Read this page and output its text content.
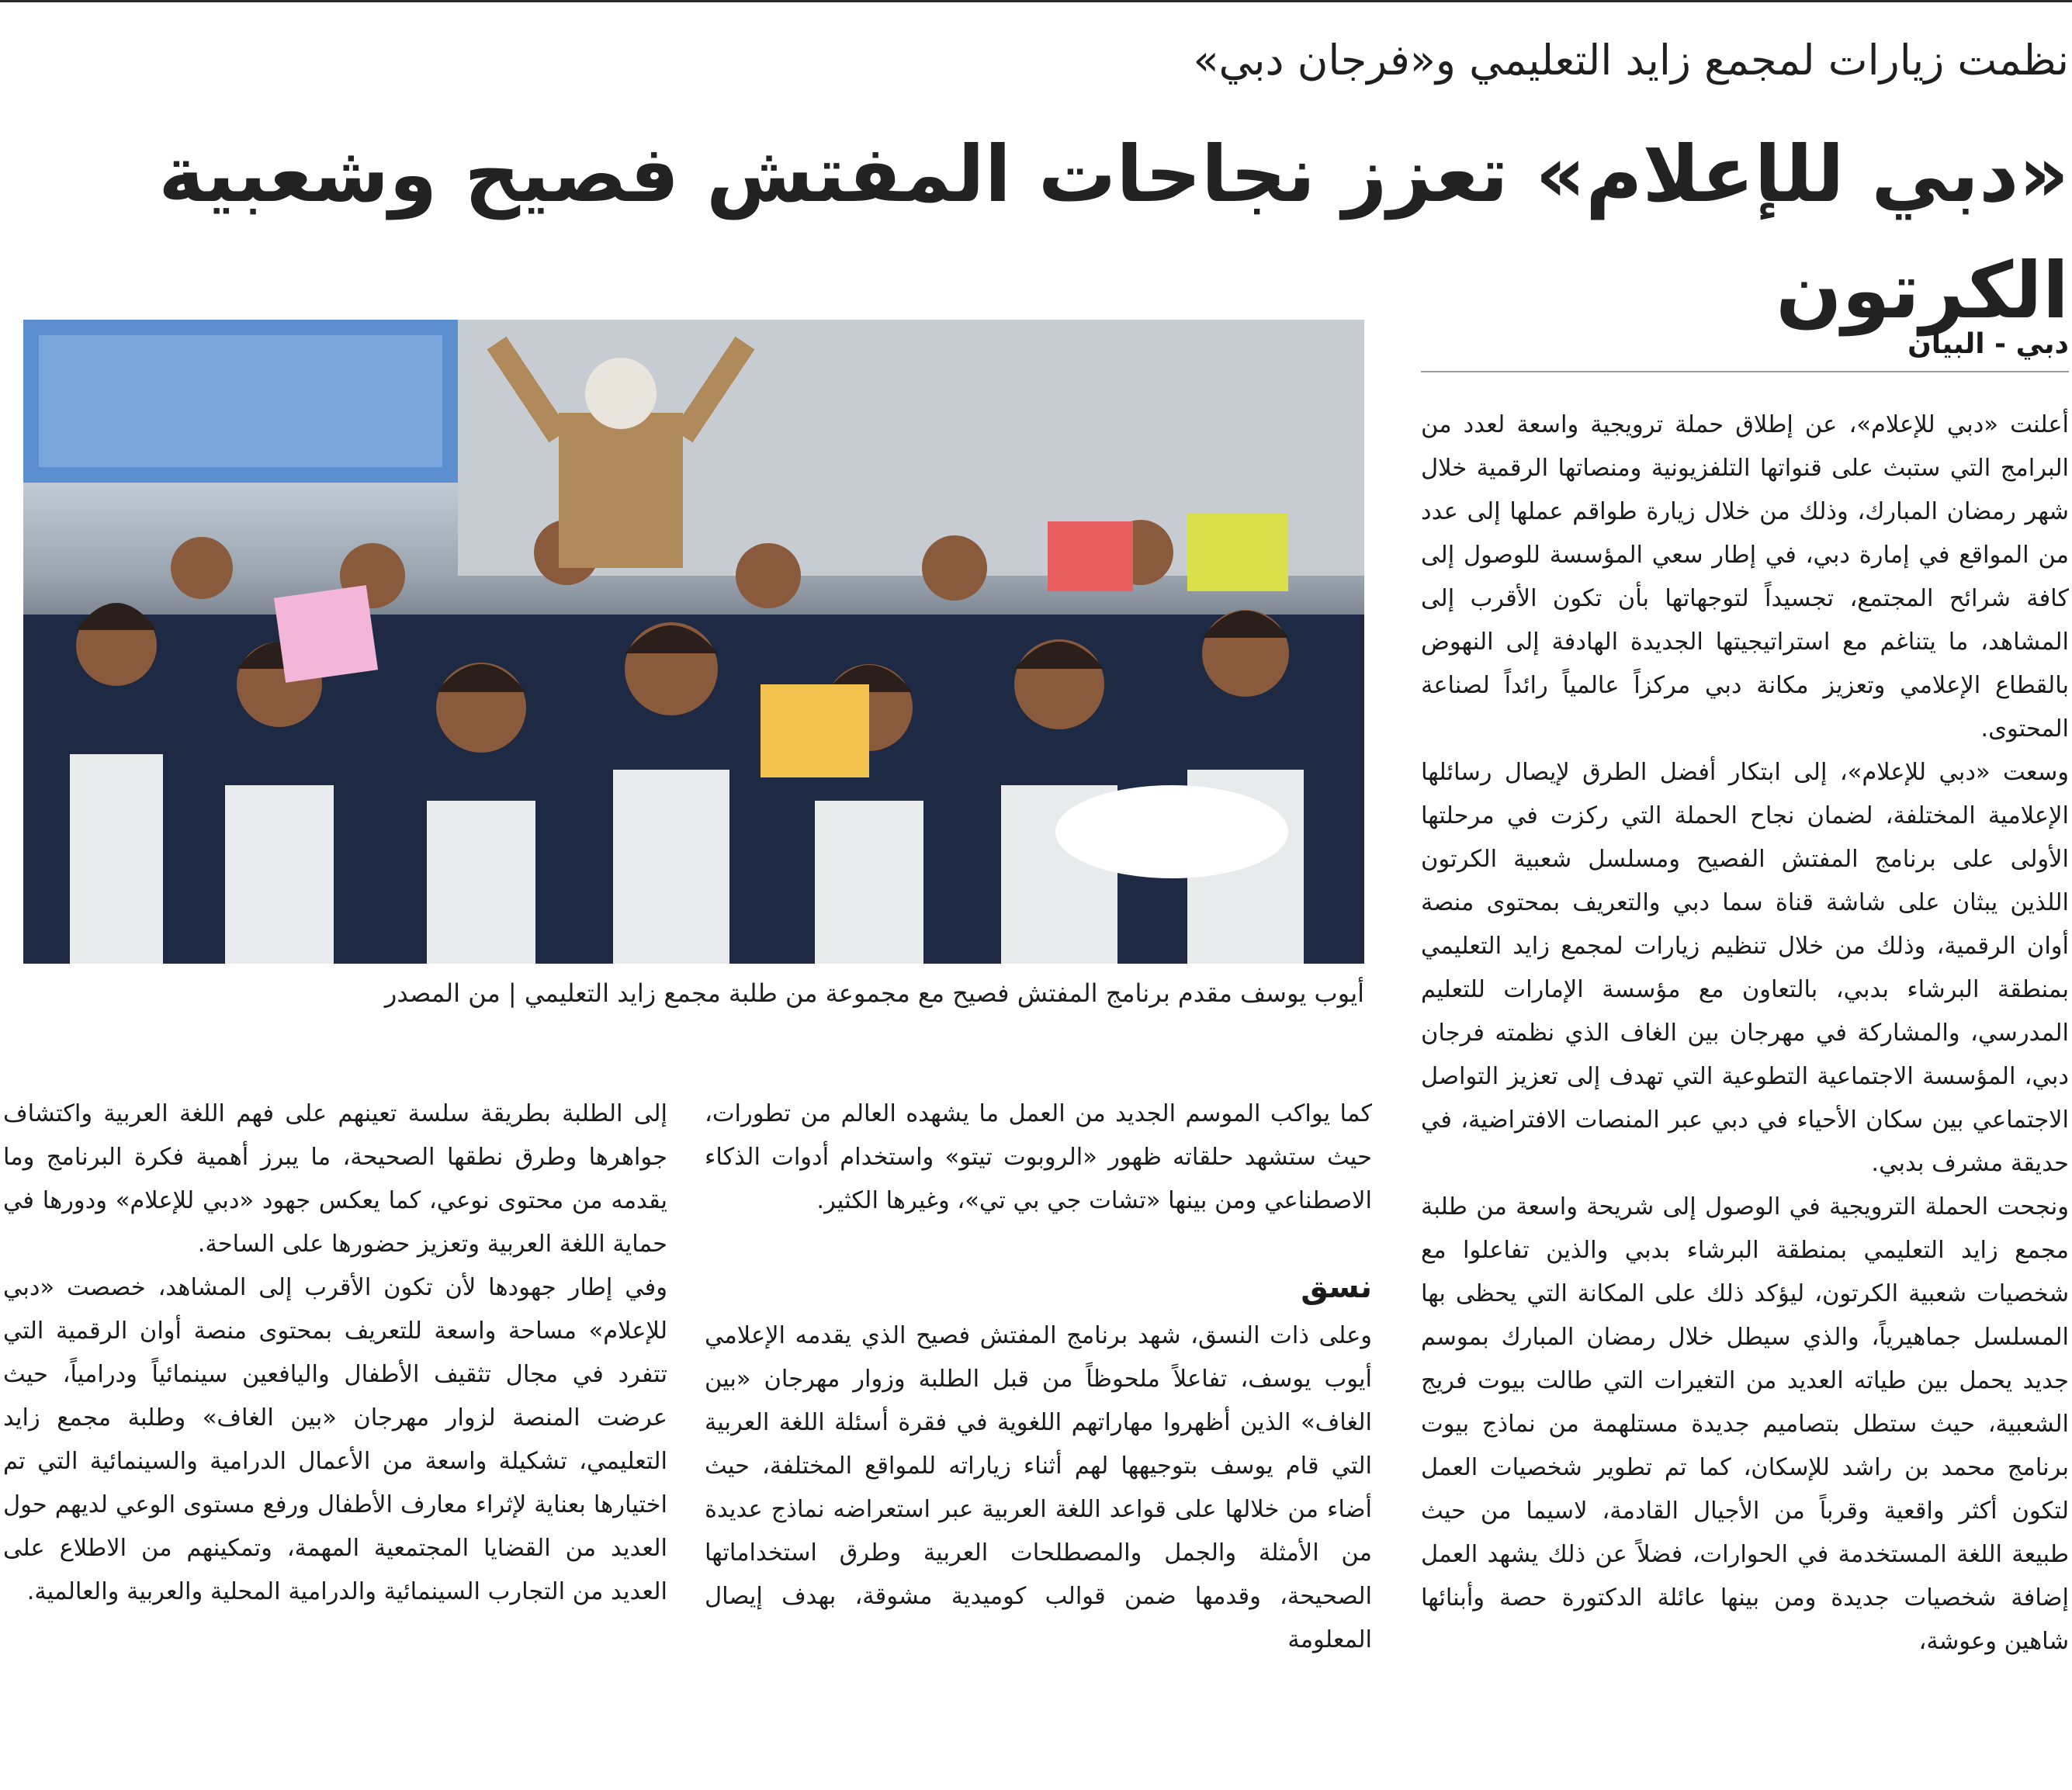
نظمت زيارات لمجمع زايد التعليمي و«فرجان دبي»
«دبي للإعلام» تعزز نجاحات المفتش فصيح وشعبية الكرتون
دبي - البيان
أيوب يوسف مقدم برنامج المفتش فصيح مع مجموعة من طلبة مجمع زايد التعليمي | من المصدر

أعلنت «دبي للإعلام»، عن إطلاق حملة ترويجية واسعة لعدد من البرامج التي ستبث على قنواتها التلفزيونية ومنصاتها الرقمية خلال شهر رمضان المبارك، وذلك من خلال زيارة طواقم عملها إلى عدد من المواقع في إمارة دبي، في إطار سعي المؤسسة للوصول إلى كافة شرائح المجتمع، تجسيداً لتوجهاتها بأن تكون الأقرب إلى المشاهد، ما يتناغم مع استراتيجيتها الجديدة الهادفة إلى النهوض بالقطاع الإعلامي وتعزيز مكانة دبي مركزاً عالمياً رائداً لصناعة المحتوى.

وسعت «دبي للإعلام»، إلى ابتكار أفضل الطرق لإيصال رسائلها الإعلامية المختلفة، لضمان نجاح الحملة التي ركزت في مرحلتها الأولى على برنامج المفتش الفصيح ومسلسل شعبية الكرتون اللذين يبثان على شاشة قناة سما دبي والتعريف بمحتوى منصة أوان الرقمية، وذلك من خلال تنظيم زيارات لمجمع زايد التعليمي بمنطقة البرشاء بدبي، بالتعاون مع مؤسسة الإمارات للتعليم المدرسي، والمشاركة في مهرجان بين الغاف الذي نظمته فرجان دبي، المؤسسة الاجتماعية التطوعية التي تهدف إلى تعزيز التواصل الاجتماعي بين سكان الأحياء في دبي عبر المنصات الافتراضية، في حديقة مشرف بدبي.

ونجحت الحملة الترويجية في الوصول إلى شريحة واسعة من طلبة مجمع زايد التعليمي بمنطقة البرشاء بدبي والذين تفاعلوا مع شخصيات شعبية الكرتون، ليؤكد ذلك على المكانة التي يحظى بها المسلسل جماهيرياً، والذي سيطل خلال رمضان المبارك بموسم جديد يحمل بين طياته العديد من التغيرات التي طالت بيوت فريج الشعبية، حيث ستطل بتصاميم جديدة مستلهمة من نماذج بيوت برنامج محمد بن راشد للإسكان، كما تم تطوير شخصيات العمل لتكون أكثر واقعية وقرباً من الأجيال القادمة، لاسيما من حيث طبيعة اللغة المستخدمة في الحوارات، فضلاً عن ذلك يشهد العمل إضافة شخصيات جديدة ومن بينها عائلة الدكتورة حصة وأبنائها شاهين وعوشة،

كما يواكب الموسم الجديد من العمل ما يشهده العالم من تطورات، حيث ستشهد حلقاته ظهور «الروبوت تيتو» واستخدام أدوات الذكاء الاصطناعي ومن بينها «تشات جي بي تي»، وغيرها الكثير.

نسق

وعلى ذات النسق، شهد برنامج المفتش فصيح الذي يقدمه الإعلامي أيوب يوسف، تفاعلاً ملحوظاً من قبل الطلبة وزوار مهرجان «بين الغاف» الذين أظهروا مهاراتهم اللغوية في فقرة أسئلة اللغة العربية التي قام يوسف بتوجيهها لهم أثناء زياراته للمواقع المختلفة، حيث أضاء من خلالها على قواعد اللغة العربية عبر استعراضه نماذج عديدة من الأمثلة والجمل والمصطلحات العربية وطرق استخداماتها الصحيحة، وقدمها ضمن قوالب كوميدية مشوقة، بهدف إيصال المعلومة

إلى الطلبة بطريقة سلسة تعينهم على فهم اللغة العربية واكتشاف جواهرها وطرق نطقها الصحيحة، ما يبرز أهمية فكرة البرنامج وما يقدمه من محتوى نوعي، كما يعكس جهود «دبي للإعلام» ودورها في حماية اللغة العربية وتعزيز حضورها على الساحة.

وفي إطار جهودها لأن تكون الأقرب إلى المشاهد، خصصت «دبي للإعلام» مساحة واسعة للتعريف بمحتوى منصة أوان الرقمية التي تتفرد في مجال تثقيف الأطفال واليافعين سينمائياً ودرامياً، حيث عرضت المنصة لزوار مهرجان «بين الغاف» وطلبة مجمع زايد التعليمي، تشكيلة واسعة من الأعمال الدرامية والسينمائية التي تم اختيارها بعناية لإثراء معارف الأطفال ورفع مستوى الوعي لديهم حول العديد من القضايا المجتمعية المهمة، وتمكينهم من الاطلاع على العديد من التجارب السينمائية والدرامية المحلية والعربية والعالمية.
